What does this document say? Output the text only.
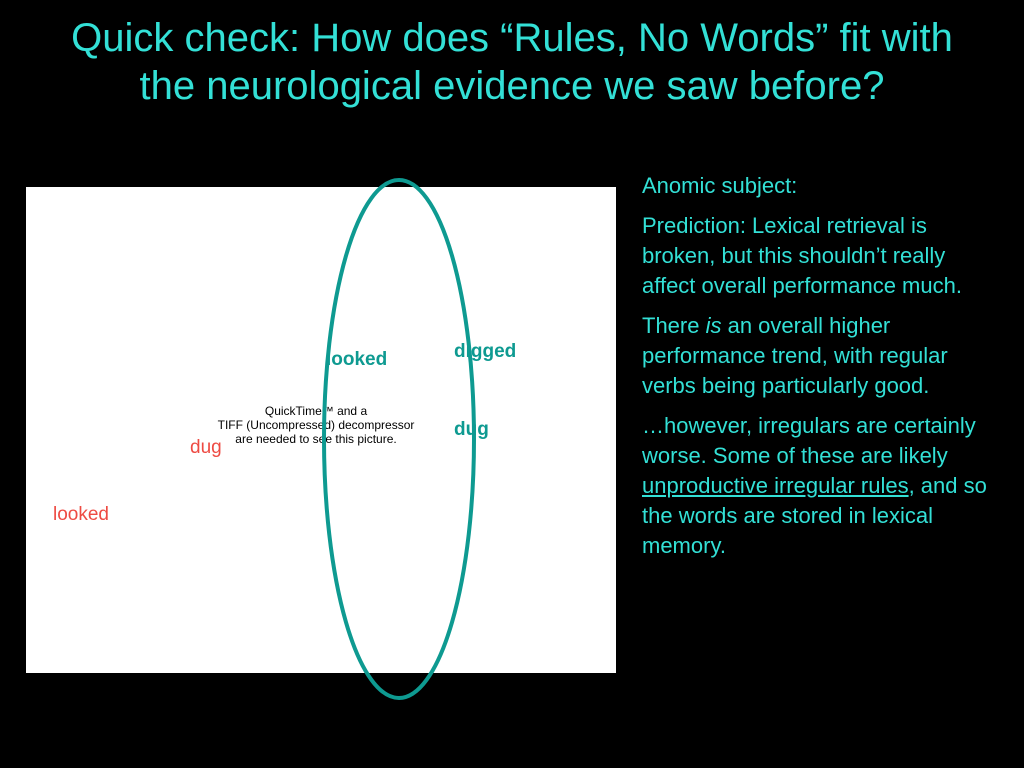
Quick check: How does “Rules, No Words” fit with
the neurological evidence we saw before?
QuickTime™ and a
TIFF (Uncompressed) decompressor
are needed to see this picture.
looked
dug
looked	digged
dug

Anomic subject:

Prediction: Lexical retrieval is broken, but this shouldn’t really affect overall performance much.

There is an overall higher performance trend, with regular verbs being particularly good.

…however, irregulars are certainly worse. Some of these are likely unproductive irregular rules, and so the words are stored in lexical memory.
